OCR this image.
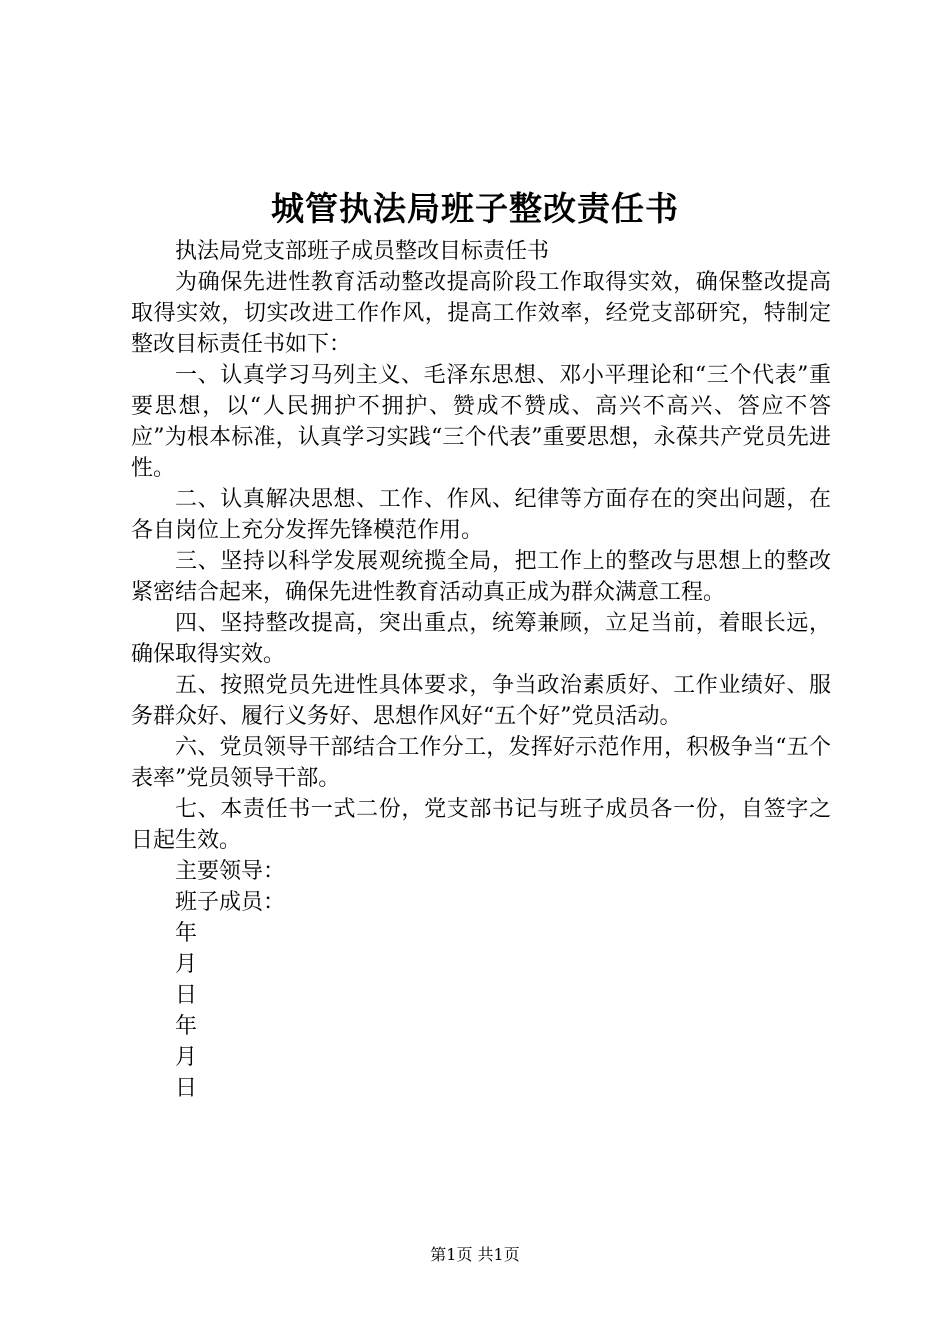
城管执法局班子整改责任书

执法局党支部班子成员整改目标责任书

为确保先进性教育活动整改提高阶段工作取得实效，确保整改提高取得实效，切实改进工作作风，提高工作效率，经党支部研究，特制定整改目标责任书如下：

一、认真学习马列主义、毛泽东思想、邓小平理论和“三个代表”重要思想，以“人民拥护不拥护、赞成不赞成、高兴不高兴、答应不答应”为根本标准，认真学习实践“三个代表”重要思想，永葆共产党员先进性。

二、认真解决思想、工作、作风、纪律等方面存在的突出问题，在各自岗位上充分发挥先锋模范作用。

三、坚持以科学发展观统揽全局，把工作上的整改与思想上的整改紧密结合起来，确保先进性教育活动真正成为群众满意工程。

四、坚持整改提高，突出重点，统筹兼顾，立足当前，着眼长远，确保取得实效。

五、按照党员先进性具体要求，争当政治素质好、工作业绩好、服务群众好、履行义务好、思想作风好“五个好”党员活动。

六、党员领导干部结合工作分工，发挥好示范作用，积极争当“五个表率”党员领导干部。

七、本责任书一式二份，党支部书记与班子成员各一份，自签字之日起生效。

主要领导：

班子成员：

年

月

日

年

月

日

第1页 共1页
